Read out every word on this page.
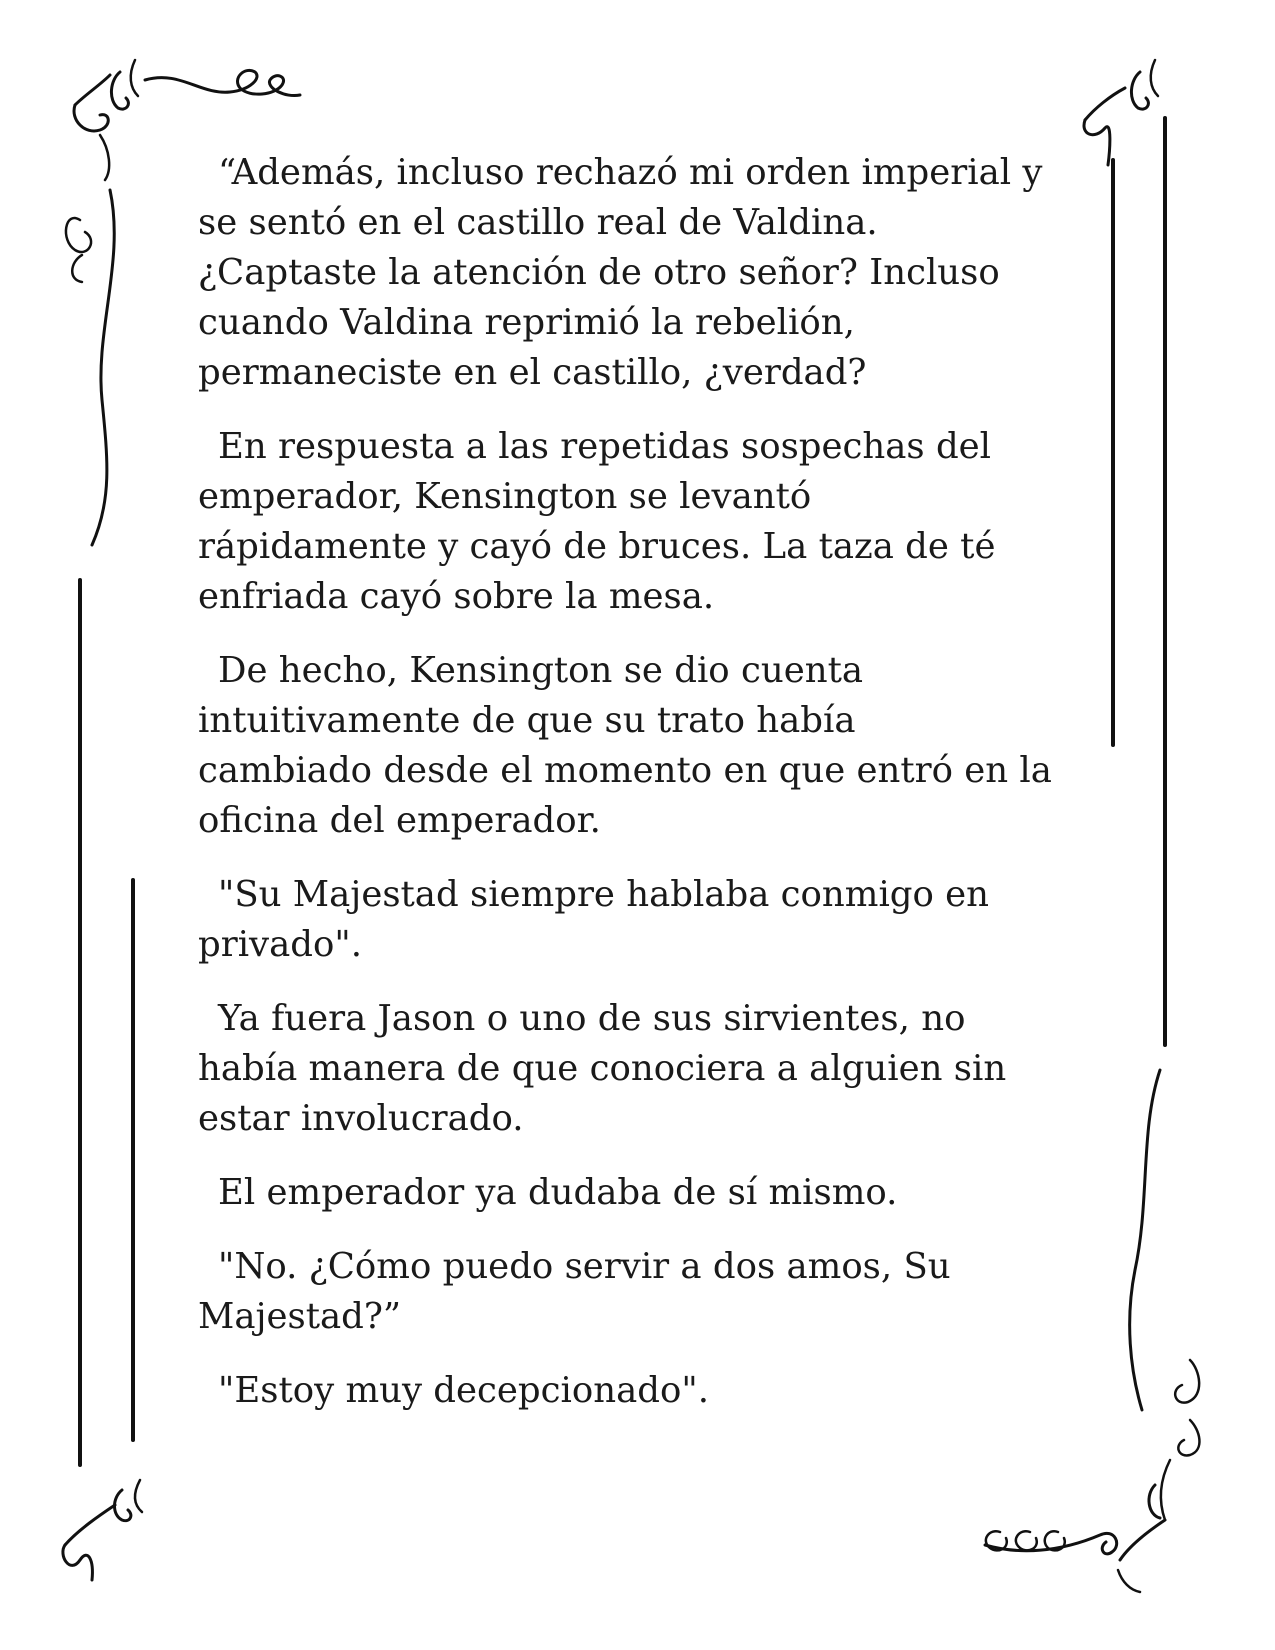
“Además, incluso rechazó mi orden imperial y
se sentó en el castillo real de Valdina.
¿Captaste la atención de otro señor? Incluso
cuando Valdina reprimió la rebelión,
permaneciste en el castillo, ¿verdad?

En respuesta a las repetidas sospechas del
emperador, Kensington se levantó
rápidamente y cayó de bruces. La taza de té
enfriada cayó sobre la mesa.

De hecho, Kensington se dio cuenta
intuitivamente de que su trato había
cambiado desde el momento en que entró en la
oficina del emperador.

"Su Majestad siempre hablaba conmigo en
privado".

Ya fuera Jason o uno de sus sirvientes, no
había manera de que conociera a alguien sin
estar involucrado.

El emperador ya dudaba de sí mismo.

"No. ¿Cómo puedo servir a dos amos, Su
Majestad?”

"Estoy muy decepcionado".
